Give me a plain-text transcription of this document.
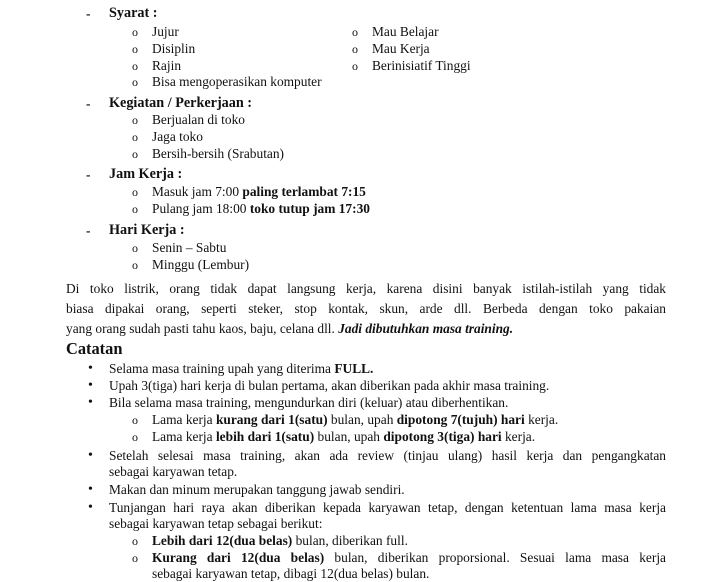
- Syarat :
o Jujur
o Disiplin
o Rajin
o Bisa mengoperasikan komputer
o Mau Belajar
o Mau Kerja
o Berinisiatif Tinggi
- Kegiatan / Perkerjaan :
o Berjualan di toko
o Jaga toko
o Bersih-bersih (Srabutan)
- Jam Kerja :
o Masuk jam 7:00 paling terlambat 7:15
o Pulang jam 18:00 toko tutup jam 17:30
- Hari Kerja :
o Senin – Sabtu
o Minggu (Lembur)
Di toko listrik, orang tidak dapat langsung kerja, karena disini banyak istilah-istilah yang tidak
biasa dipakai orang, seperti steker, stop kontak, skun, arde dll. Berbeda dengan toko pakaian
yang orang sudah pasti tahu kaos, baju, celana dll. Jadi dibutuhkan masa training.
Catatan
• Selama masa training upah yang diterima FULL.
• Upah 3(tiga) hari kerja di bulan pertama, akan diberikan pada akhir masa training.
• Bila selama masa training, mengundurkan diri (keluar) atau diberhentikan.
o Lama kerja kurang dari 1(satu) bulan, upah dipotong 7(tujuh) hari kerja.
o Lama kerja lebih dari 1(satu) bulan, upah dipotong 3(tiga) hari kerja.
• Setelah selesai masa training, akan ada review (tinjau ulang) hasil kerja dan pengangkatan
sebagai karyawan tetap.
• Makan dan minum merupakan tanggung jawab sendiri.
• Tunjangan hari raya akan diberikan kepada karyawan tetap, dengan ketentuan lama masa kerja
sebagai karyawan tetap sebagai berikut:
o Lebih dari 12(dua belas) bulan, diberikan full.
o Kurang dari 12(dua belas) bulan, diberikan proporsional. Sesuai lama masa kerja
sebagai karyawan tetap, dibagi 12(dua belas) bulan.
